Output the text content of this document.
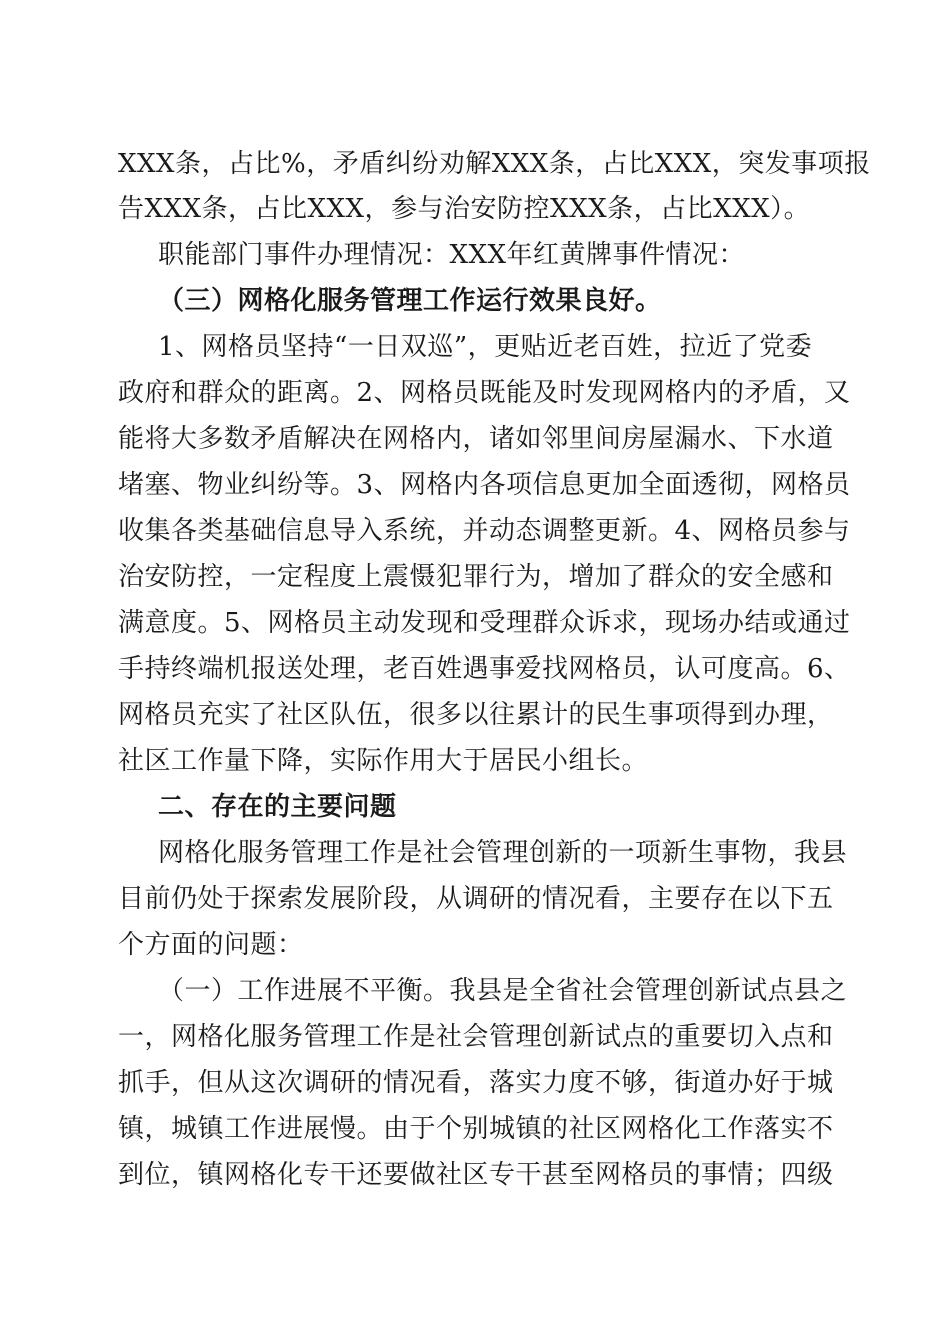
XXX条，占比%，矛盾纠纷劝解XXX条，占比XXX，突发事项报
告XXX条，占比XXX，参与治安防控XXX条，占比XXX）。
职能部门事件办理情况：XXX年红黄牌事件情况：
（三）网格化服务管理工作运行效果良好。
1、网格员坚持“一日双巡”，更贴近老百姓，拉近了党委
政府和群众的距离。2、网格员既能及时发现网格内的矛盾，又
能将大多数矛盾解决在网格内，诸如邻里间房屋漏水、下水道
堵塞、物业纠纷等。3、网格内各项信息更加全面透彻，网格员
收集各类基础信息导入系统，并动态调整更新。4、网格员参与
治安防控，一定程度上震慑犯罪行为，增加了群众的安全感和
满意度。5、网格员主动发现和受理群众诉求，现场办结或通过
手持终端机报送处理，老百姓遇事爱找网格员，认可度高。6、
网格员充实了社区队伍，很多以往累计的民生事项得到办理，
社区工作量下降，实际作用大于居民小组长。
二、存在的主要问题
网格化服务管理工作是社会管理创新的一项新生事物，我县
目前仍处于探索发展阶段，从调研的情况看，主要存在以下五
个方面的问题：
（一）工作进展不平衡。我县是全省社会管理创新试点县之
一，网格化服务管理工作是社会管理创新试点的重要切入点和
抓手，但从这次调研的情况看，落实力度不够，街道办好于城
镇，城镇工作进展慢。由于个别城镇的社区网格化工作落实不
到位，镇网格化专干还要做社区专干甚至网格员的事情；四级
